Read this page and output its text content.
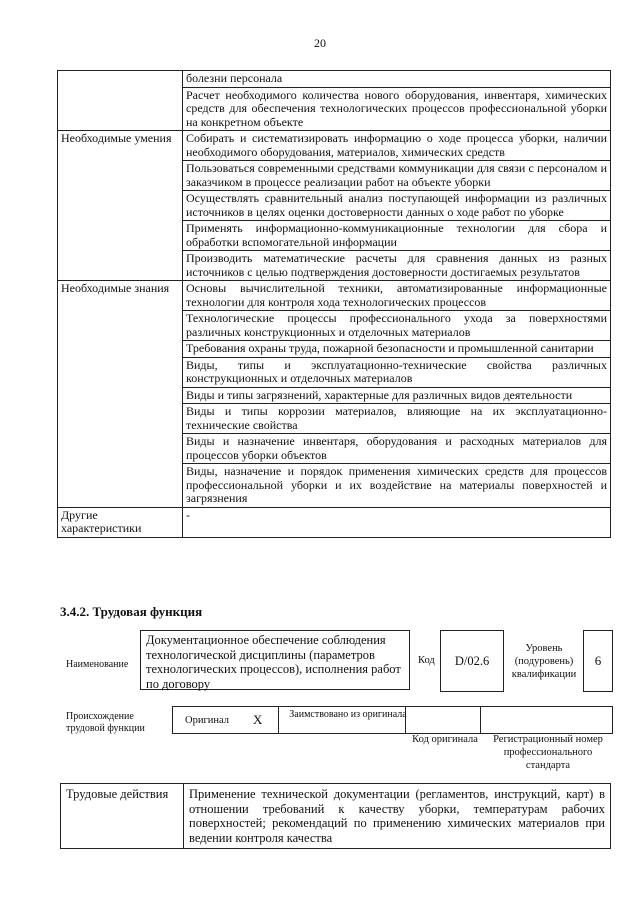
20
	болезни персонала
	Расчет необходимого количества нового оборудования, инвентаря, химических средств для обеспечения технологических процессов профессиональной уборки на конкретном объекте
Необходимые умения	Собирать и систематизировать информацию о ходе процесса уборки, наличии необходимого оборудования, материалов, химических средств
	Пользоваться современными средствами коммуникации для связи с персоналом и заказчиком в процессе реализации работ на объекте уборки
	Осуществлять сравнительный анализ поступающей информации из различных источников в целях оценки достоверности данных о ходе работ по уборке
	Применять информационно-коммуникационные технологии для сбора и обработки вспомогательной информации
	Производить математические расчеты для сравнения данных из разных источников с целью подтверждения достоверности достигаемых результатов
Необходимые знания	Основы вычислительной техники, автоматизированные информационные технологии для контроля хода технологических процессов
	Технологические процессы профессионального ухода за поверхностями различных конструкционных и отделочных материалов
	Требования охраны труда, пожарной безопасности и промышленной санитарии
	Виды, типы и эксплуатационно-технические свойства различных конструкционных и отделочных материалов
	Виды и типы загрязнений, характерные для различных видов деятельности
	Виды и типы коррозии материалов, влияющие на их эксплуатационно-технические свойства
	Виды и назначение инвентаря, оборудования и расходных материалов для процессов уборки объектов
	Виды, назначение и порядок применения химических средств для процессов профессиональной уборки и их воздействие на материалы поверхностей и загрязнения
Другие характеристики	-
3.4.2. Трудовая функция
Наименование
Документационное обеспечение соблюдения технологической дисциплины (параметров технологических процессов), исполнения работ по договору
Код	D/02.6
Уровень (подуровень) квалификации
6
Происхождение трудовой функции
Оригинал X	Заимствовано из оригинала
Код оригинала	Регистрационный номер профессионального стандарта
Трудовые действия	Применение технической документации (регламентов, инструкций, карт) в отношении требований к качеству уборки, температурам рабочих поверхностей; рекомендаций по применению химических материалов при ведении контроля качества
